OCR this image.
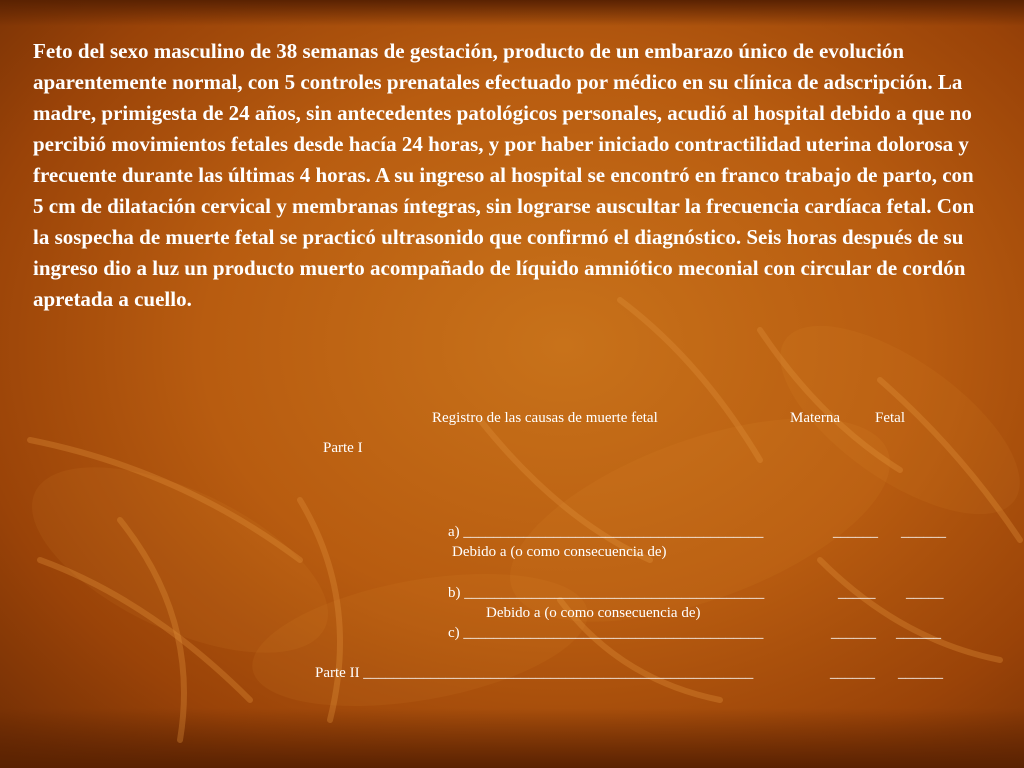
Feto del sexo masculino de 38 semanas de gestación, producto de un embarazo único de evolución aparentemente normal, con 5 controles prenatales efectuado por médico en su clínica de adscripción. La madre, primigesta de 24 años, sin antecedentes patológicos personales, acudió al hospital debido a que no percibió movimientos fetales desde hacía 24 horas, y por haber iniciado contractilidad uterina dolorosa y frecuente durante las últimas 4 horas. A su ingreso al hospital se encontró en franco trabajo de parto, con 5 cm de dilatación cervical y membranas íntegras, sin lograrse auscultar la frecuencia cardíaca fetal. Con la sospecha de muerte fetal se practicó ultrasonido que confirmó el diagnóstico. Seis horas después de su ingreso dio a luz un producto muerto acompañado de líquido amniótico meconial con circular de cordón apretada a cuello.

Registro de las causas de muerte fetal	Materna Fetal

Parte I

a) ________________________________________	______ ______

Debido a (o como consecuencia de)

b) ________________________________________	_____ _____

Debido a (o como consecuencia de)

c) ________________________________________	______ ______

Parte II ____________________________________________________	______ ______
